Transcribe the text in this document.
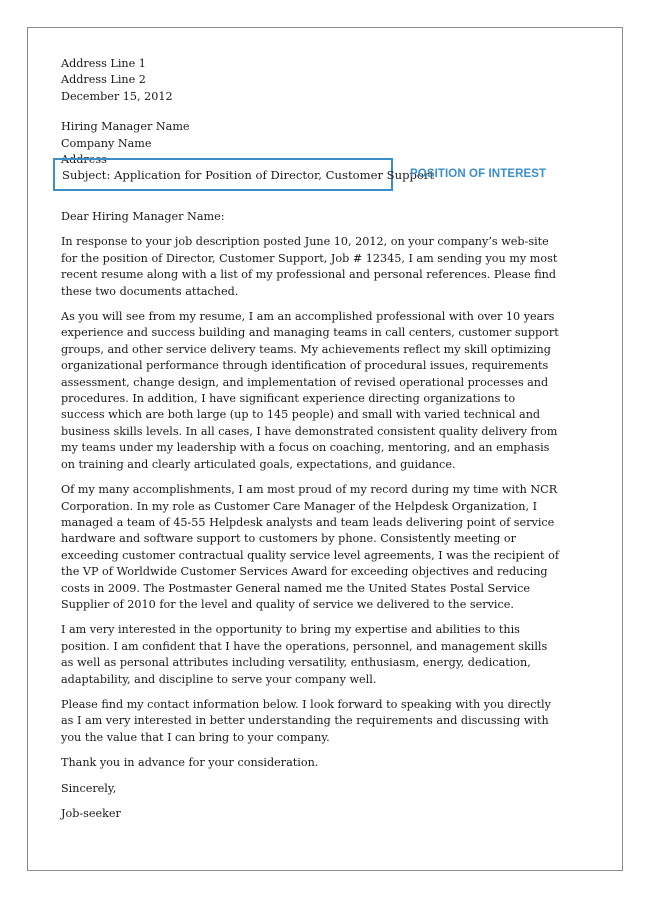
Address Line 1

Address Line 2

December 15, 2012

Hiring Manager Name

Company Name

Address

Subject: Application for Position of Director, Customer Support
POSITION OF INTEREST

Dear Hiring Manager Name:

In response to your job description posted June 10, 2012, on your company’s web-site for the position of Director, Customer Support, Job # 12345, I am sending you my most recent resume along with a list of my professional and personal references. Please find these two documents attached.

As you will see from my resume, I am an accomplished professional with over 10 years experience and success building and managing teams in call centers, customer support groups, and other service delivery teams. My achievements reflect my skill optimizing organizational performance through identification of procedural issues, requirements assessment, change design, and implementation of revised operational processes and procedures. In addition, I have significant experience directing organizations to success which are both large (up to 145 people) and small with varied technical and business skills levels. In all cases, I have demonstrated consistent quality delivery from my teams under my leadership with a focus on coaching, mentoring, and an emphasis on training and clearly articulated goals, expectations, and guidance.

Of my many accomplishments, I am most proud of my record during my time with NCR Corporation. In my role as Customer Care Manager of the Helpdesk Organization, I managed a team of 45-55 Helpdesk analysts and team leads delivering point of service hardware and software support to customers by phone. Consistently meeting or exceeding customer contractual quality service level agreements, I was the recipient of the VP of Worldwide Customer Services Award for exceeding objectives and reducing costs in 2009. The Postmaster General named me the United States Postal Service Supplier of 2010 for the level and quality of service we delivered to the service.

I am very interested in the opportunity to bring my expertise and abilities to this position. I am confident that I have the operations, personnel, and management skills as well as personal attributes including versatility, enthusiasm, energy, dedication, adaptability, and discipline to serve your company well.

Please find my contact information below. I look forward to speaking with you directly as I am very interested in better understanding the requirements and discussing with you the value that I can bring to your company.

Thank you in advance for your consideration.

Sincerely,

Job-seeker
